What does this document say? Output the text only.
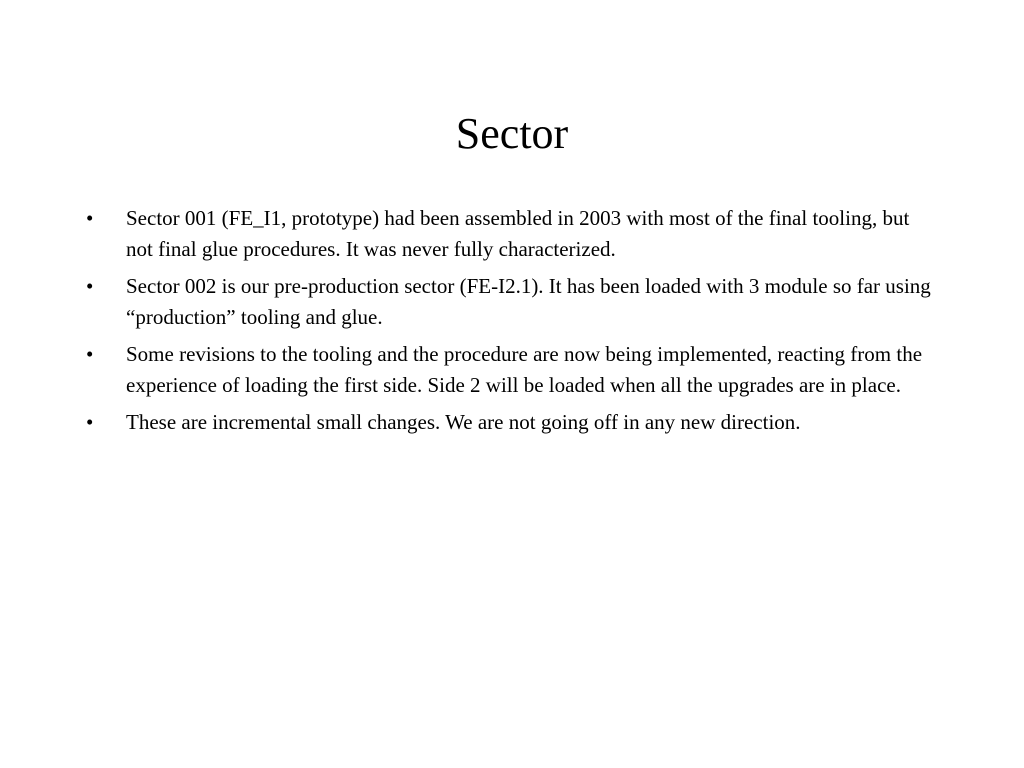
Sector
•	Sector 001 (FE_I1, prototype) had been assembled in 2003 with most of the final tooling, but not final glue procedures. It was never fully characterized.
•	Sector 002 is our pre-production sector (FE-I2.1). It has been loaded with 3 module so far using “production” tooling and glue.
•	Some revisions to the tooling and the procedure are now being implemented, reacting from the experience of loading the first side. Side 2 will be loaded when all the upgrades are in place.
•	These are incremental small changes. We are not going off in any new direction.
